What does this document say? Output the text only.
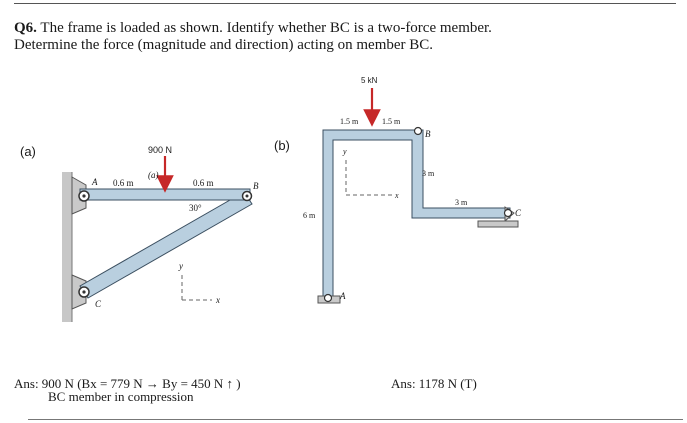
Q6. The frame is loaded as shown. Identify whether BC is a two-force member.
Determine the force (magnitude and direction) acting on member BC.
(a)	900 N
(a)
A	B
C
0.6 m	0.6 m
30°
y
x
(b)
5 kN
1.5 m	1.5 m
3 m
3 m
6 m
B
C
A
y
x
Ans: 900 N (Bx = 779 N → By = 450 N ↑ )
BC member in compression
Ans: 1178 N (T)
